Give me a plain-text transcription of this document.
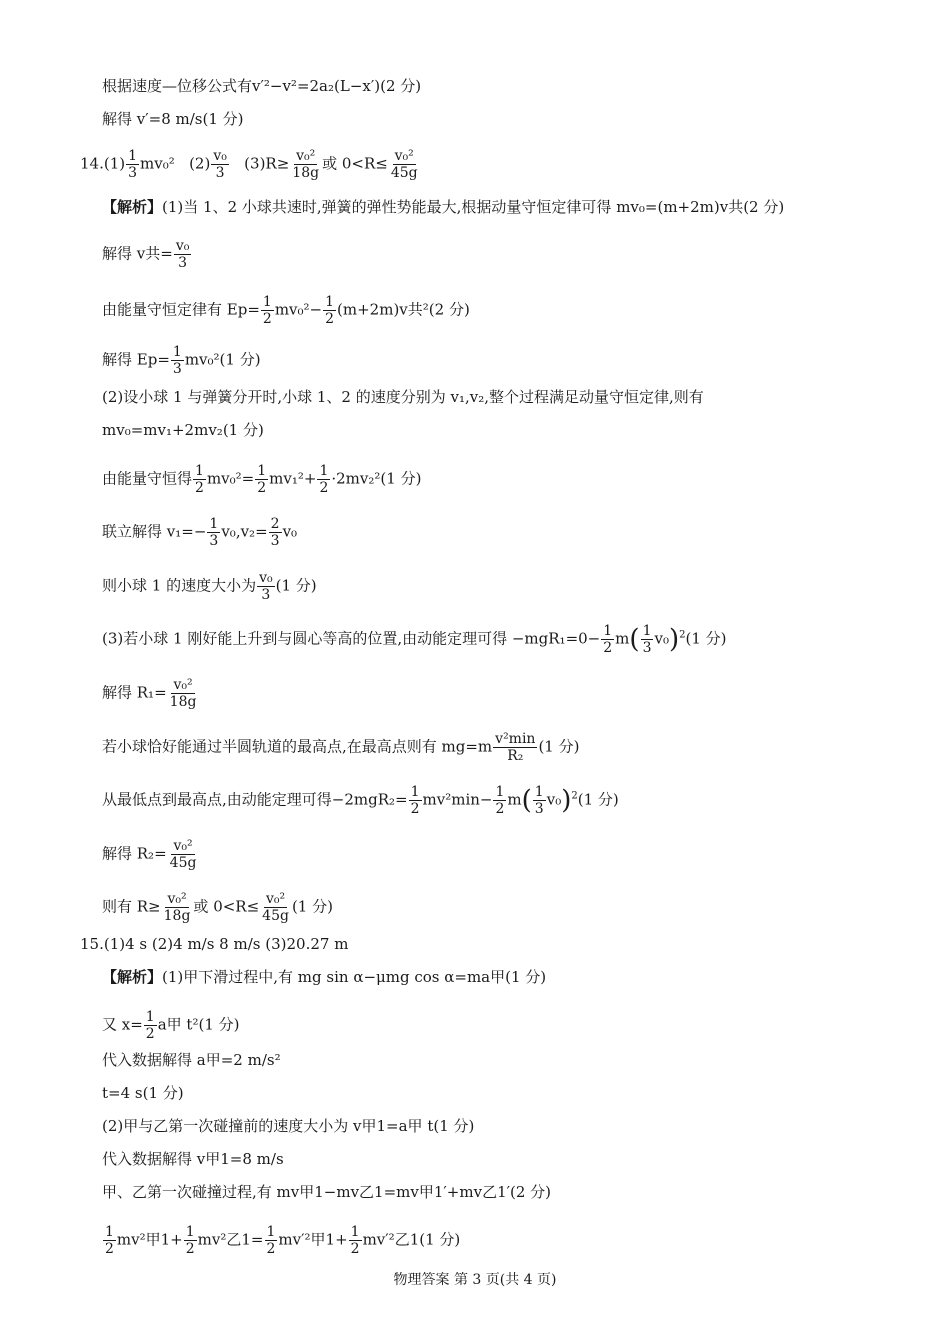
根据速度—位移公式有v′²−v²=2a₂(L−x′)(2 分)
解得 v′=8 m/s(1 分)
$14.(1) \frac{1}{3} mv_0^2$ $(2) \frac{\text{v₀}}{3} (3)R\ge \frac{\text{v₀²}}{18g}$ 或 $0<R\le \frac{\text{v₀²}}{45g}$
【解析】(1)当 1、2 小球共速时,弹簧的弹性势能最大,根据动量守恒定律可得 mv₀=(m+2m)v共(2 分)
解得 v共= $\frac{\text{v₀}}{3}$
由能量守恒定律有 $Ep= \frac{1}{2} mv_0^2- \frac{1}{2} (m+2m)v$共²(2 分)
解得 $Ep= \frac{1}{3} mv_0^2(1$ 分)
(2)设小球 1 与弹簧分开时,小球 1、2 的速度分别为 v₁,v₂,整个过程满足动量守恒定律,则有
mv₀=mv₁+2mv₂(1 分)
由能量守恒得 $\frac{1}{2} mv_0^2= \frac{1}{2} mv_1^2+ \frac{1}{2} \cdot 2mv_2^2(1$ 分)
联立解得 $v_1=- \frac{1}{3} v_0,v_2= \frac{2}{3} v_0$
则小球 1 的速度大小为 $\frac{\text{v₀}}{3} (1$ 分)
(3)若小球 1 刚好能上升到与圆心等高的位置,由动能定理可得 $-mgR_1=0- \frac{1}{2} m( \frac{1}{3} v_0)^2(1$ 分)
解得 $R_1= \frac{\text{v₀²}}{18g}$
若小球恰好能通过半圆轨道的最高点,在最高点则有 $mg=m \frac{\text{v²min}}{\text{R₂}} (1$ 分)
从最低点到最高点,由动能定理可得$-2mgR_2= \frac{1}{2} mv^2\min- \frac{1}{2} m( \frac{1}{3} v_0)^2(1$ 分)
解得 $R_2= \frac{\text{v₀²}}{45g}$
则有 $R\ge \frac{\text{v₀²}}{18g}$ 或 $0<R\le \frac{\text{v₀²}}{45g} (1$ 分)
15.(1)4 s (2)4 m/s 8 m/s (3)20.27 m
【解析】(1)甲下滑过程中,有 mg sin α−μmg cos α=ma甲(1 分)
又 $x= \frac{1}{2}$ a甲 t²(1 分)
代入数据解得 a甲=2 m/s²
t=4 s(1 分)
(2)甲与乙第一次碰撞前的速度大小为 v甲1=a甲 t(1 分)
代入数据解得 v甲1=8 m/s
甲、乙第一次碰撞过程,有 mv甲1−mv乙1=mv甲1′+mv乙1′(2 分)
$\frac{1}{2} mv^2$甲$1+ \frac{1}{2} mv^2$乙$1= \frac{1}{2} mv'^2$甲$1+ \frac{1}{2} mv'^2$乙1(1 分)
物理答案 第 3 页(共 4 页)
